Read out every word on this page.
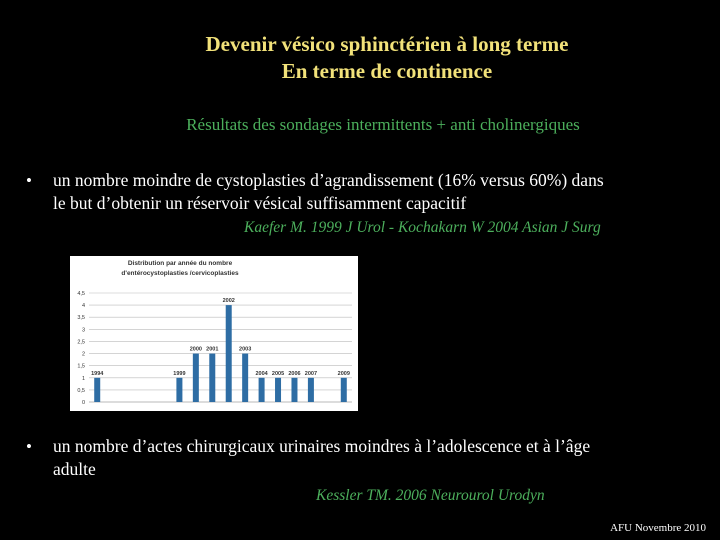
Devenir vésico sphinctérien à long terme
En terme de continence
Résultats des sondages intermittents + anti cholinergiques
• un nombre moindre de cystoplasties d’agrandissement (16% versus 60%) dans
le but d’obtenir un réservoir vésical suffisamment capacitif
Kaefer M. 1999 J Urol - Kochakarn W 2004 Asian J Surg
Distribution par année du nombre
d'entérocystoplasties /cervicoplasties
0
0,5
1
1,5
2
2,5
3
3,5
4
4,5
1994	1999
2000 2001
2002
2003
2004 2005 2006 2007	2009
• un nombre d’actes chirurgicaux urinaires moindres à l’adolescence et à l’âge
adulte
Kessler TM. 2006 Neurourol Urodyn
AFU Novembre 2010
